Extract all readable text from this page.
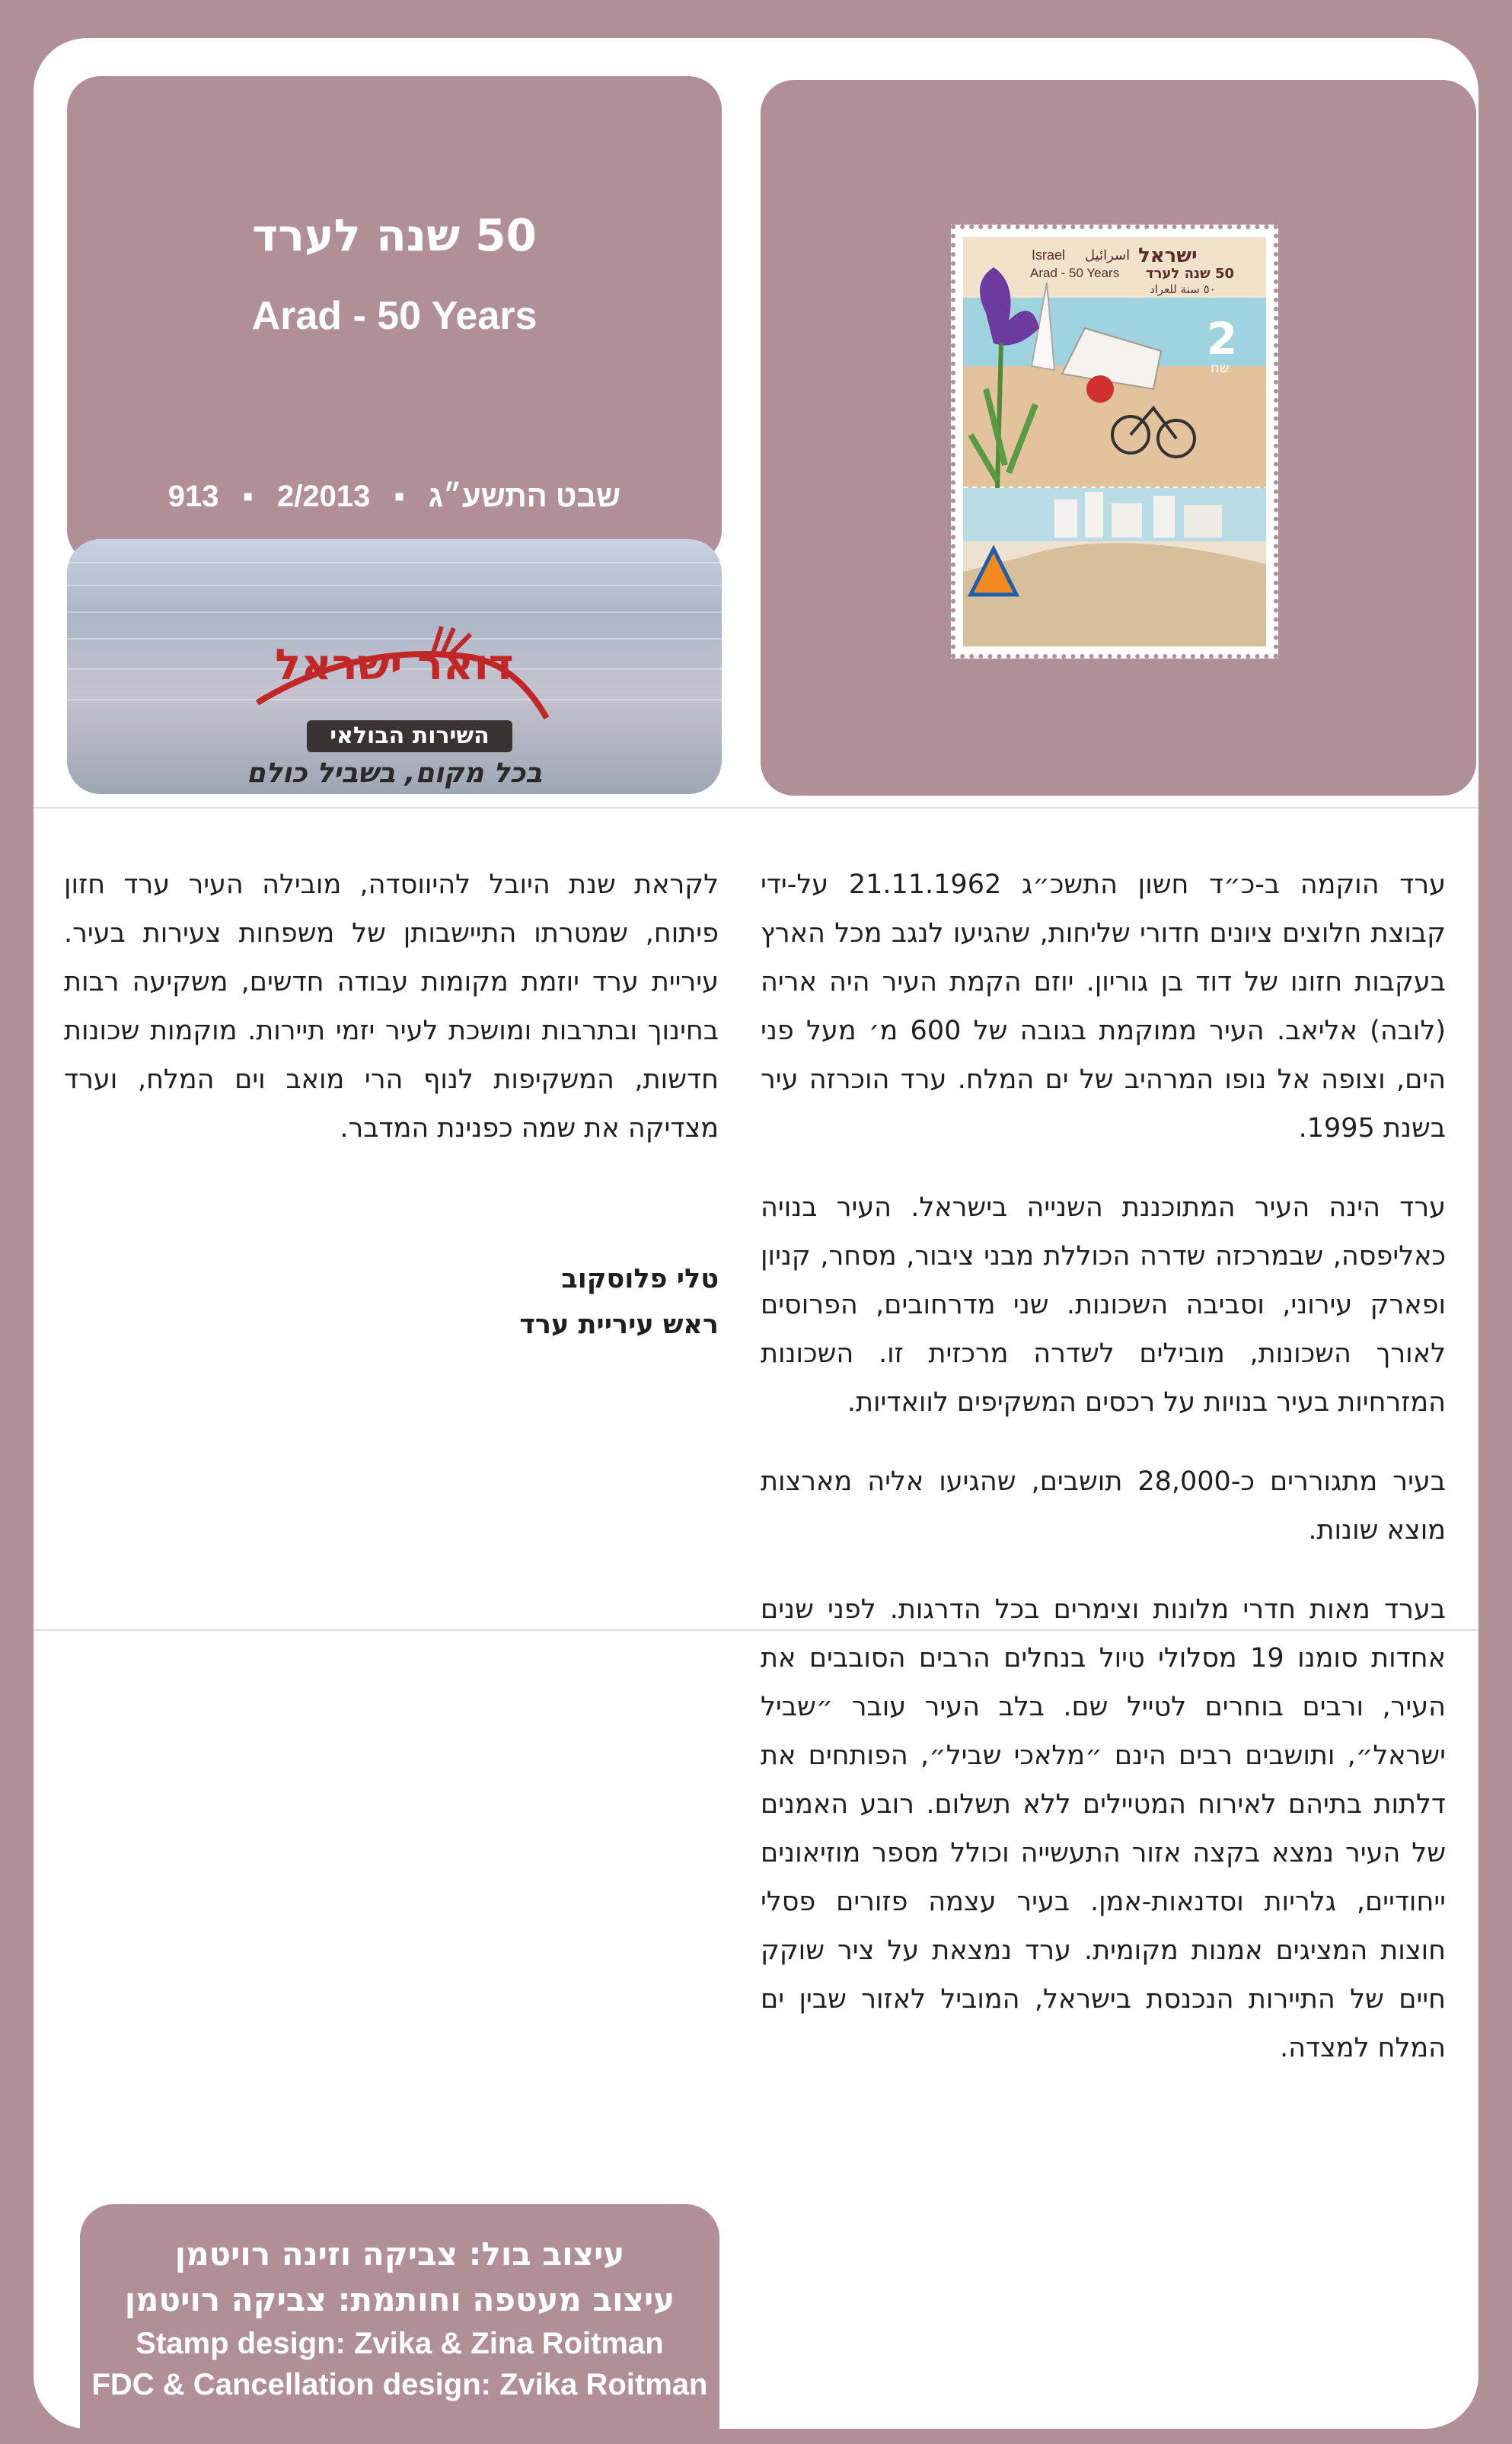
50 שנה לערד
Arad - 50 Years
913 ▪ 2/2013 ▪ שבט התשע״ג
דואר ישראל
השירות הבולאי
בכל מקום, בשביל כולם
ישראל
اسرائيل
Israel
Arad - 50 Years 50 שנה לערד
٥٠ سنة للعراد
2
שח

ערד הוקמה ב-כ״ד חשון התשכ״ג 21.11.1962 על-ידי קבוצת חלוצים ציונים חדורי שליחות, שהגיעו לנגב מכל הארץ בעקבות חזונו של דוד בן גוריון. יוזם הקמת העיר היה אריה (לובה) אליאב. העיר ממוקמת בגובה של 600 מ׳ מעל פני הים, וצופה אל נופו המרהיב של ים המלח. ערד הוכרזה עיר בשנת 1995.

ערד הינה העיר המתוכננת השנייה בישראל. העיר בנויה כאליפסה, שבמרכזה שדרה הכוללת מבני ציבור, מסחר, קניון ופארק עירוני, וסביבה השכונות. שני מדרחובים, הפרוסים לאורך השכונות, מובילים לשדרה מרכזית זו. השכונות המזרחיות בעיר בנויות על רכסים המשקיפים לוואדיות.

בעיר מתגוררים כ-28,000 תושבים, שהגיעו אליה מארצות מוצא שונות.

בערד מאות חדרי מלונות וצימרים בכל הדרגות. לפני שנים אחדות סומנו 19 מסלולי טיול בנחלים הרבים הסובבים את העיר, ורבים בוחרים לטייל שם. בלב העיר עובר ״שביל ישראל״, ותושבים רבים הינם ״מלאכי שביל״, הפותחים את דלתות בתיהם לאירוח המטיילים ללא תשלום. רובע האמנים של העיר נמצא בקצה אזור התעשייה וכולל מספר מוזיאונים ייחודיים, גלריות וסדנאות-אמן. בעיר עצמה פזורים פסלי חוצות המציגים אמנות מקומית. ערד נמצאת על ציר שוקק חיים של התיירות הנכנסת בישראל, המוביל לאזור שבין ים המלח למצדה.

לקראת שנת היובל להיווסדה, מובילה העיר ערד חזון פיתוח, שמטרתו התיישבותן של משפחות צעירות בעיר. עיריית ערד יוזמת מקומות עבודה חדשים, משקיעה רבות בחינוך ובתרבות ומושכת לעיר יזמי תיירות. מוקמות שכונות חדשות, המשקיפות לנוף הרי מואב וים המלח, וערד מצדיקה את שמה כפנינת המדבר.

טלי פלוסקוב
ראש עיריית ערד
עיצוב בול: צביקה וזינה רויטמן
עיצוב מעטפה וחותמת: צביקה רויטמן
Stamp design: Zvika & Zina Roitman
FDC & Cancellation design: Zvika Roitman
